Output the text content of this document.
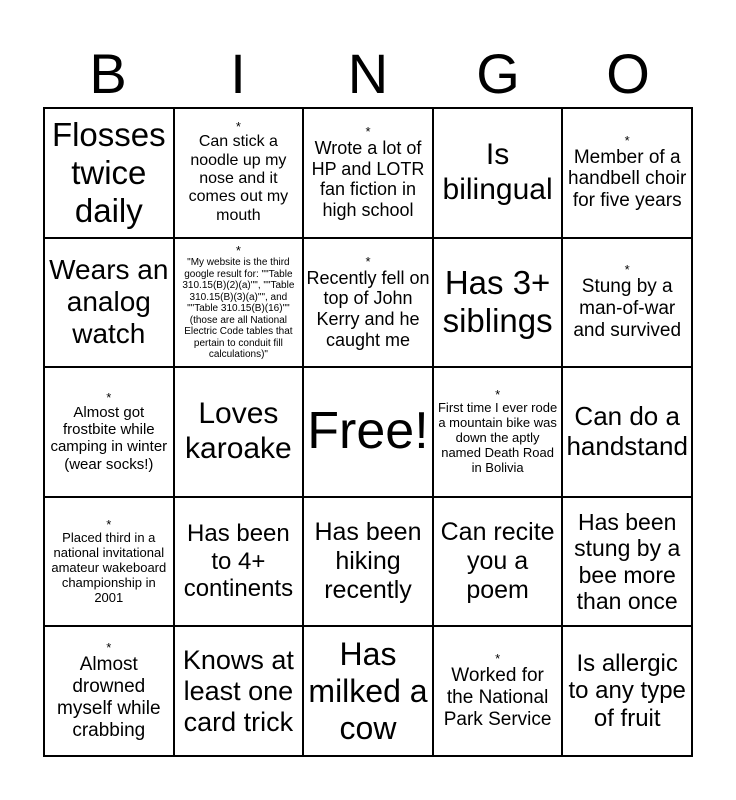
B	I	N	G	O
Flosses twice daily
*
Can stick a noodle up my nose and it comes out my mouth
*
Wrote a lot of HP and LOTR fan fiction in high school
Is bilingual
*
Member of a handbell choir for five years
Wears an analog watch
*
"My website is the third google result for: ""Table 310.15(B)(2)(a)"", ""Table 310.15(B)(3)(a)"", and ""Table 310.15(B)(16)"" (those are all National Electric Code tables that pertain to conduit fill calculations)"
*
Recently fell on top of John Kerry and he caught me
Has 3+ siblings
*
Stung by a man-of-war and survived
*
Almost got frostbite while camping in winter (wear socks!)
Loves karoake Free!
*
First time I ever rode a mountain bike was down the aptly named Death Road in Bolivia
Can do a handstand
*
Placed third in a national invitational amateur wakeboard championship in 2001
Has been to 4+ continents
Has been hiking recently
Can recite you a poem
Has been stung by a bee more than once
*
Almost drowned myself while crabbing
Knows at least one card trick
Has milked a cow
*
Worked for the National Park Service
Is allergic to any type of fruit
